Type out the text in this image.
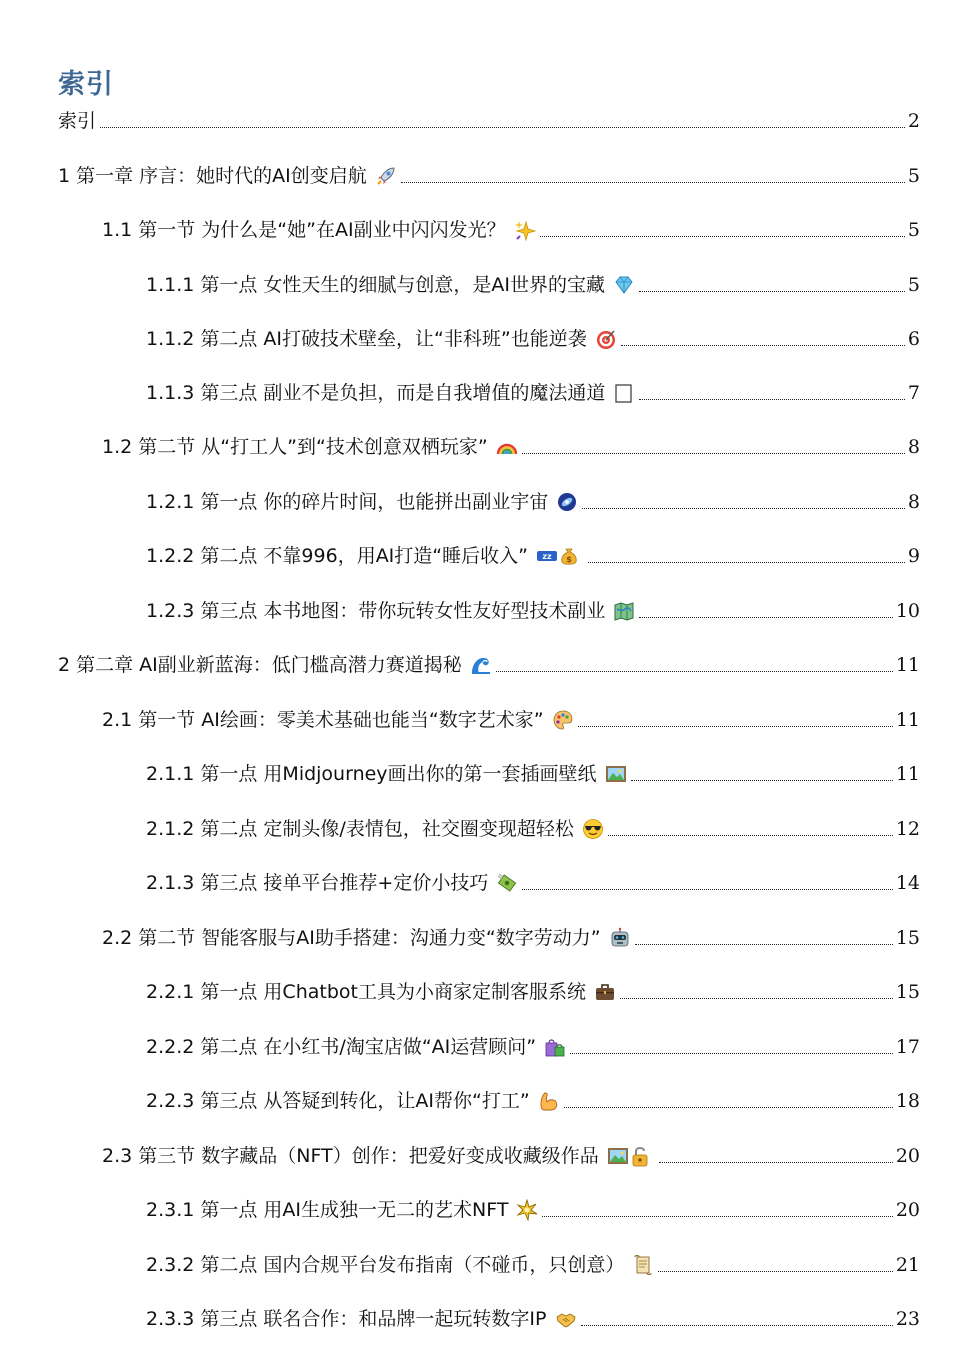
索引
索引	2
1 第一章 序言：她时代的AI创变启航	5
1.1 第一节 为什么是“她”在AI副业中闪闪发光？	5
1.1.1 第一点 女性天生的细腻与创意，是AI世界的宝藏	5
1.1.2 第二点 AI打破技术壁垒，让“非科班”也能逆袭	6
1.1.3 第三点 副业不是负担，而是自我增值的魔法通道	7
1.2 第二节 从“打工人”到“技术创意双栖玩家”	8
1.2.1 第一点 你的碎片时间，也能拼出副业宇宙	8
1.2.2 第二点 不靠996，用AI打造“睡后收入” zz $	9
1.2.3 第三点 本书地图：带你玩转女性友好型技术副业	10
2 第二章 AI副业新蓝海：低门槛高潜力赛道揭秘	11
2.1 第一节 AI绘画：零美术基础也能当“数字艺术家”	11
2.1.1 第一点 用Midjourney画出你的第一套插画壁纸	11
2.1.2 第二点 定制头像/表情包，社交圈变现超轻松	12
2.1.3 第三点 接单平台推荐+定价小技巧	14
2.2 第二节 智能客服与AI助手搭建：沟通力变“数字劳动力”	15
2.2.1 第一点 用Chatbot工具为小商家定制客服系统	15
2.2.2 第二点 在小红书/淘宝店做“AI运营顾问”	17
2.2.3 第三点 从答疑到转化，让AI帮你“打工”	18
2.3 第三节 数字藏品（NFT）创作：把爱好变成收藏级作品	20
2.3.1 第一点 用AI生成独一无二的艺术NFT	20
2.3.2 第二点 国内合规平台发布指南（不碰币，只创意）	21
2.3.3 第三点 联名合作：和品牌一起玩转数字IP	23
